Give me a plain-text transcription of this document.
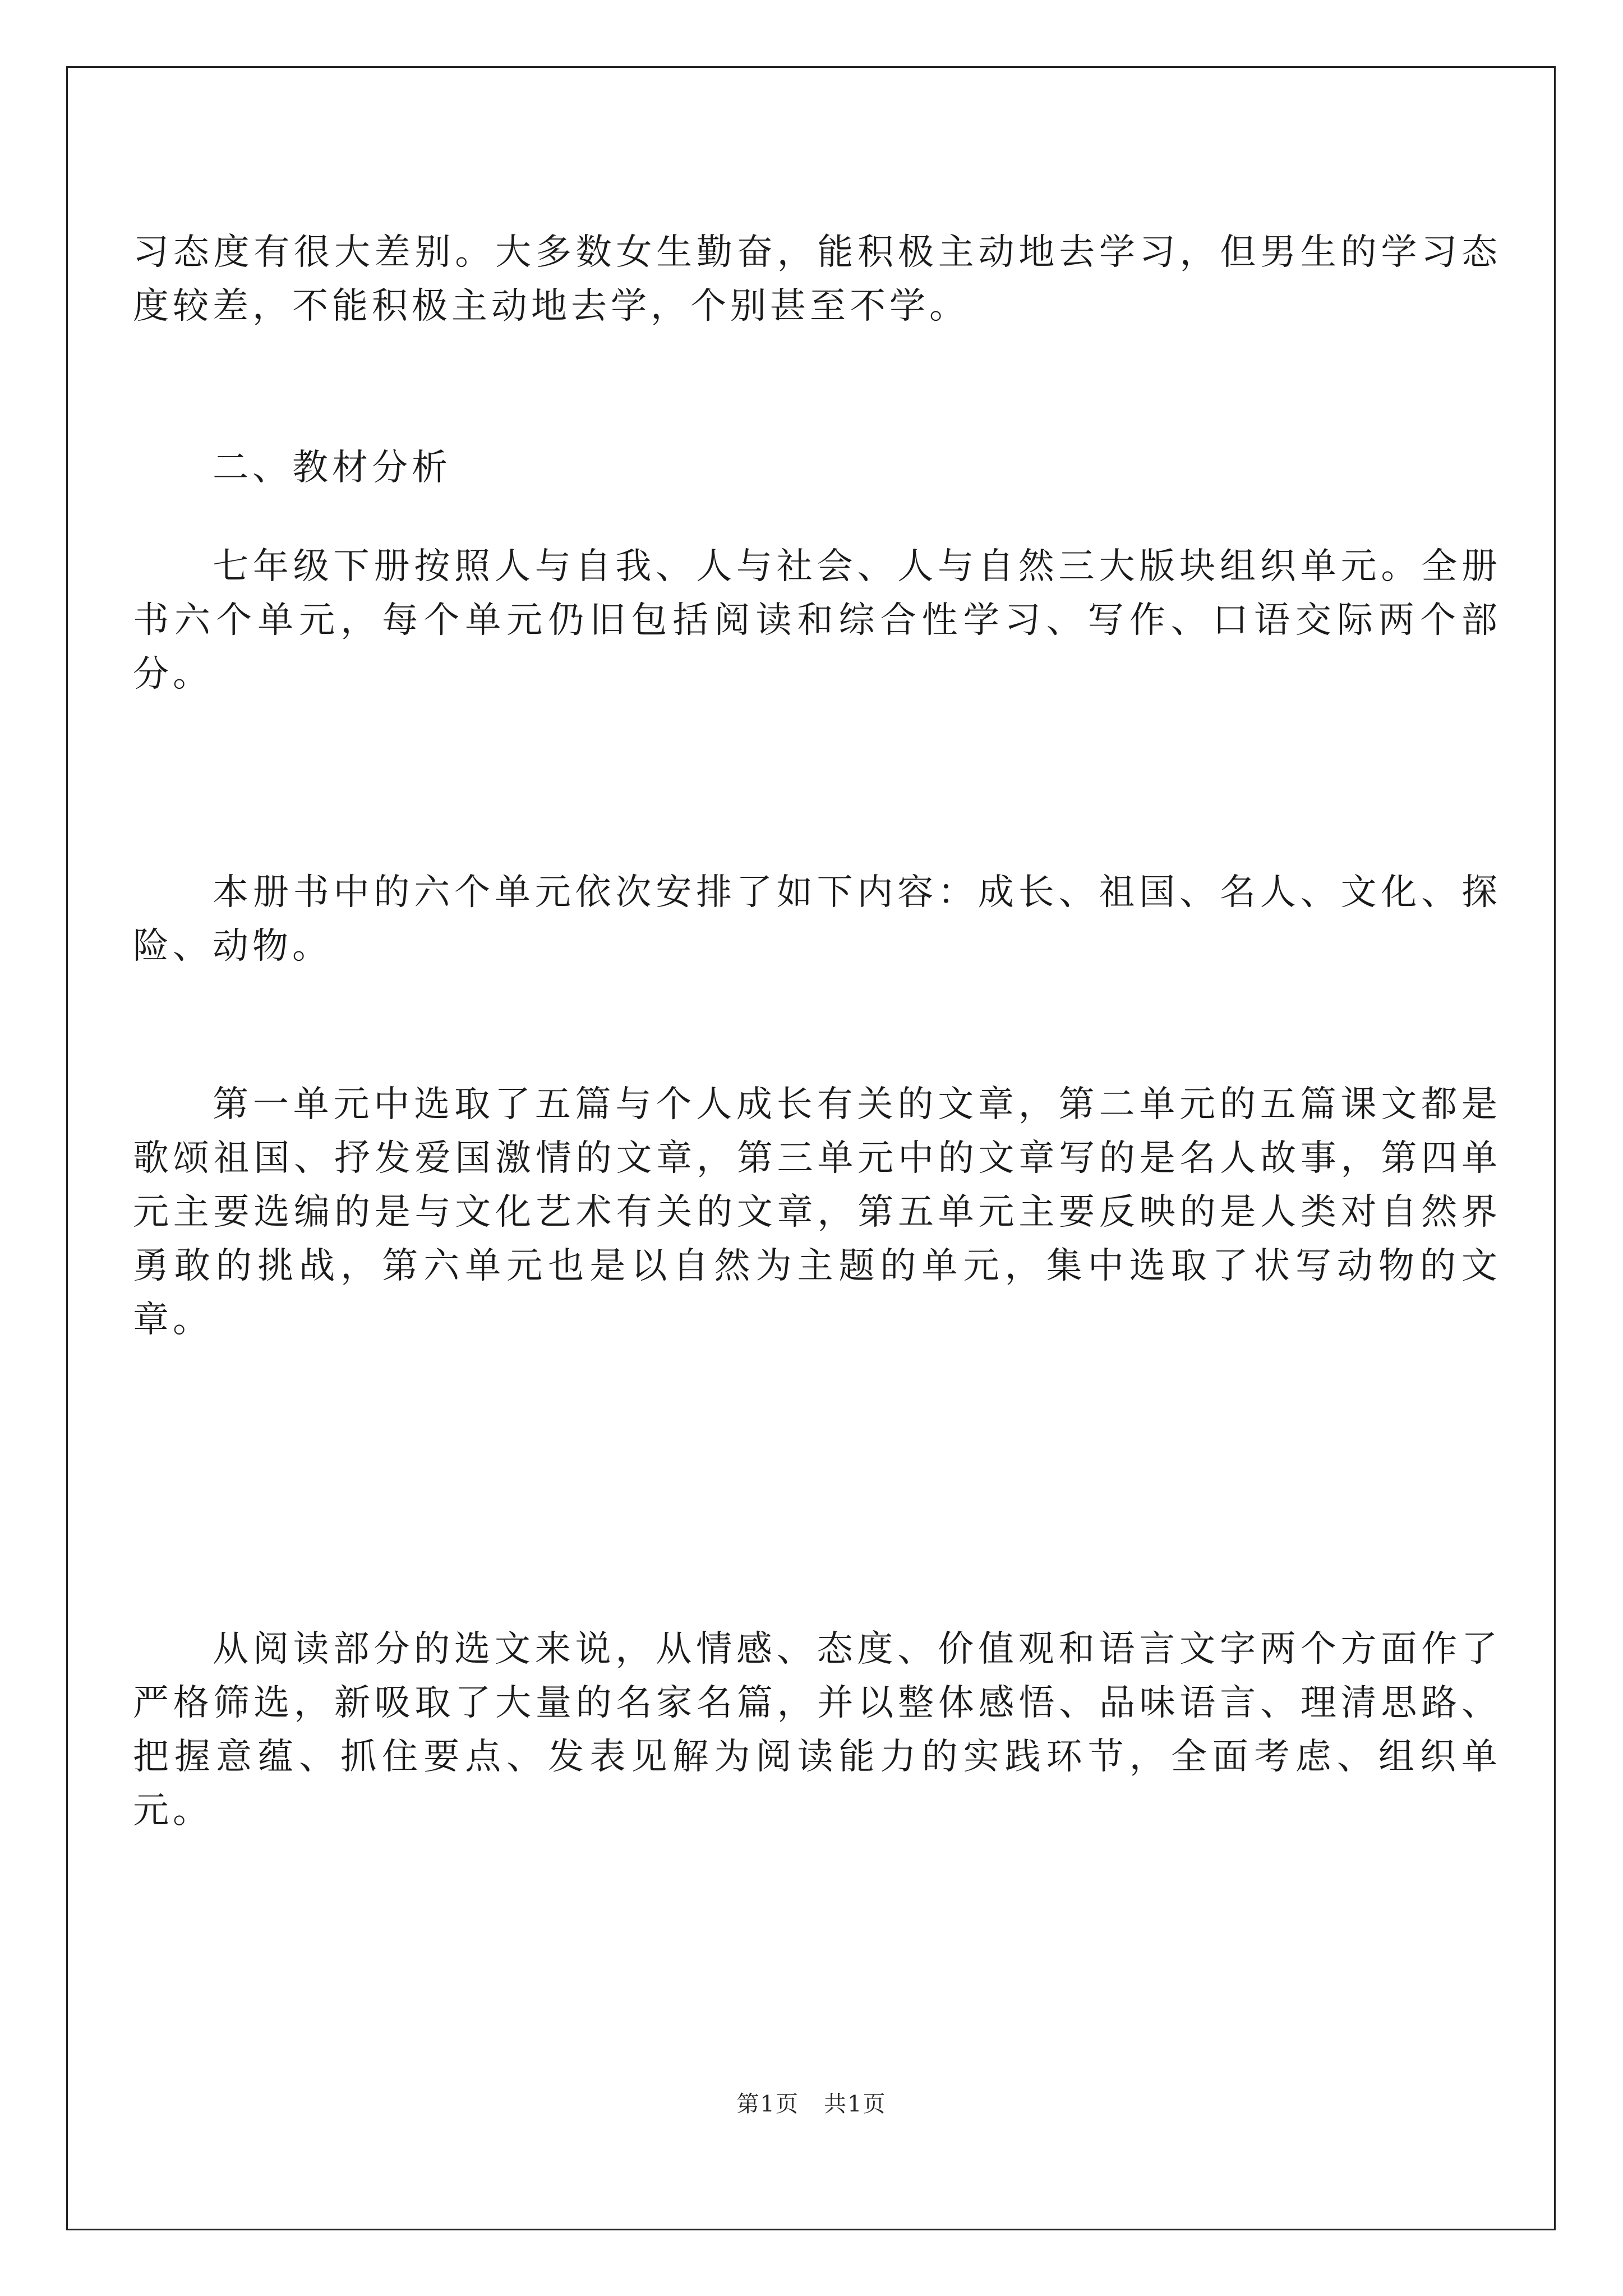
习态度有很大差别。大多数女生勤奋，能积极主动地去学习，但男生的学习态度较差，不能积极主动地去学，个别甚至不学。

二、教材分析

七年级下册按照人与自我、人与社会、人与自然三大版块组织单元。全册书六个单元，每个单元仍旧包括阅读和综合性学习、写作、口语交际两个部分。

本册书中的六个单元依次安排了如下内容：成长、祖国、名人、文化、探险、动物。

第一单元中选取了五篇与个人成长有关的文章，第二单元的五篇课文都是歌颂祖国、抒发爱国激情的文章，第三单元中的文章写的是名人故事，第四单元主要选编的是与文化艺术有关的文章，第五单元主要反映的是人类对自然界勇敢的挑战，第六单元也是以自然为主题的单元，集中选取了状写动物的文章。

从阅读部分的选文来说，从情感、态度、价值观和语言文字两个方面作了严格筛选，新吸取了大量的名家名篇，并以整体感悟、品味语言、理清思路、把握意蕴、抓住要点、发表见解为阅读能力的实践环节，全面考虑、组织单元。

第1页 共1页
